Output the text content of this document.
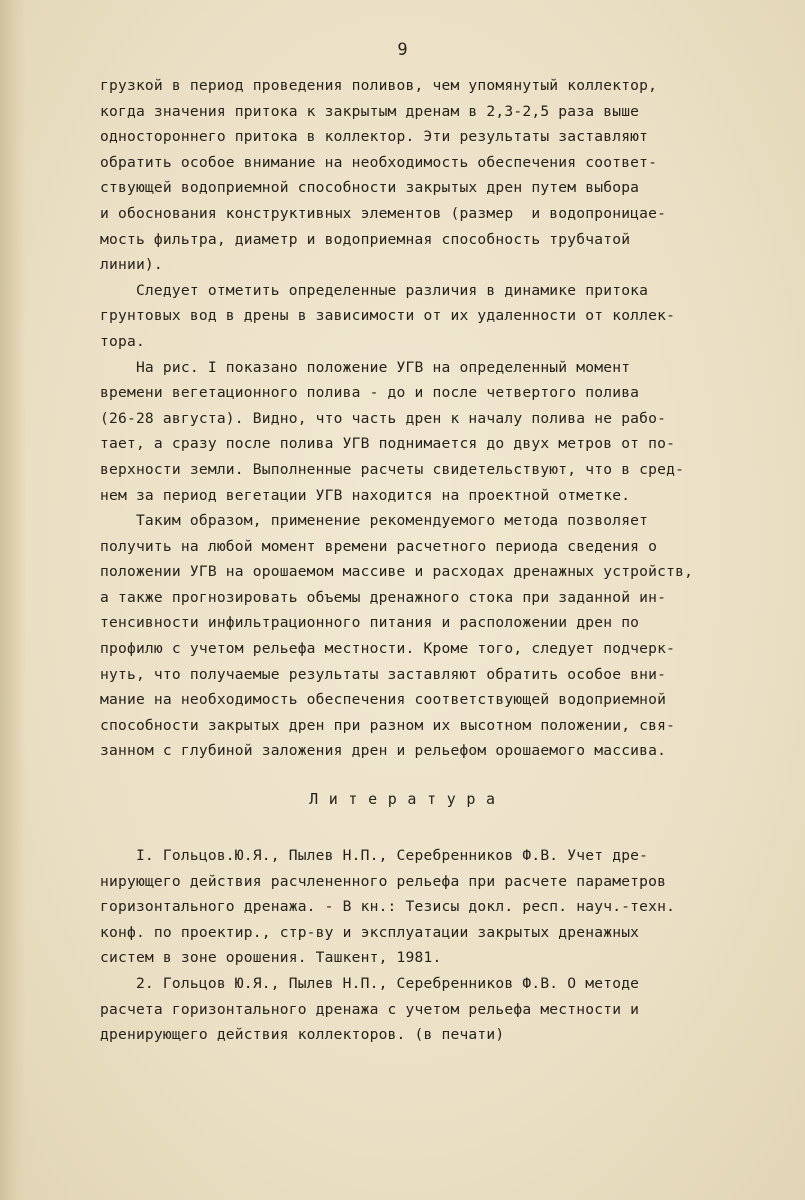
9
грузкой в период проведения поливов, чем упомянутый коллектор,
когда значения притока к закрытым дренам в 2,3-2,5 раза выше
одностороннего притока в коллектор. Эти результаты заставляют
обратить особое внимание на необходимость обеспечения соответ-
ствующей водоприемной способности закрытых дрен путем выбора
и обоснования конструктивных элементов (размер  и водопроницае-
мость фильтра, диаметр и водоприемная способность трубчатой
линии).
Следует отметить определенные различия в динамике притока
грунтовых вод в дрены в зависимости от их удаленности от коллек-
тора.
На рис. I показано положение УГВ на определенный момент
времени вегетационного полива - до и после четвертого полива
(26-28 августа). Видно, что часть дрен к началу полива не рабо-
тает, а сразу после полива УГВ поднимается до двух метров от по-
верхности земли. Выполненные расчеты свидетельствуют, что в сред-
нем за период вегетации УГВ находится на проектной отметке.
Таким образом, применение рекомендуемого метода позволяет
получить на любой момент времени расчетного периода сведения о
положении УГВ на орошаемом массиве и расходах дренажных устройств,
а также прогнозировать объемы дренажного стока при заданной ин-
тенсивности инфильтрационного питания и расположении дрен по
профилю с учетом рельефа местности. Кроме того, следует подчерк-
нуть, что получаемые результаты заставляют обратить особое вни-
мание на необходимость обеспечения соответствующей водоприемной
способности закрытых дрен при разном их высотном положении, свя-
занном с глубиной заложения дрен и рельефом орошаемого массива.
Л и т е р а т у р а
I. Гольцов.Ю.Я., Пылев Н.П., Серебренников Ф.В. Учет дре-
нирующего действия расчлененного рельефа при расчете параметров
горизонтального дренажа. - В кн.: Тезисы докл. респ. науч.-техн.
конф. по проектир., стр-ву и эксплуатации закрытых дренажных
систем в зоне орошения. Ташкент, 1981.
2. Гольцов Ю.Я., Пылев Н.П., Серебренников Ф.В. О методе
расчета горизонтального дренажа с учетом рельефа местности и
дренирующего действия коллекторов. (в печати)
